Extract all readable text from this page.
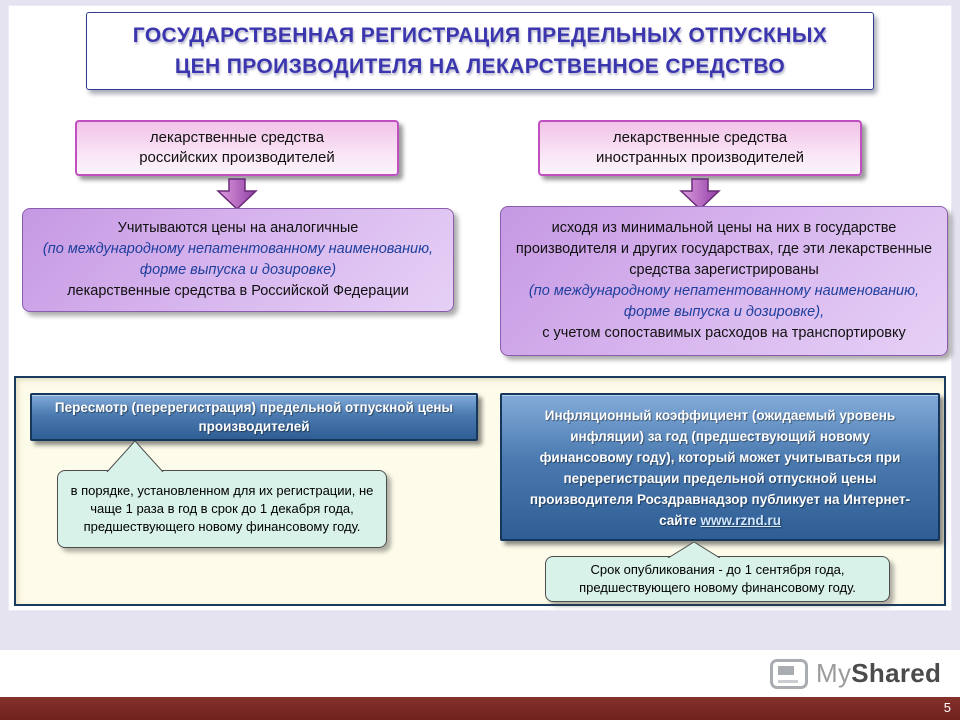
ГОСУДАРСТВЕННАЯ РЕГИСТРАЦИЯ ПРЕДЕЛЬНЫХ ОТПУСКНЫХ
ЦЕН ПРОИЗВОДИТЕЛЯ НА ЛЕКАРСТВЕННОЕ СРЕДСТВО
лекарственные средства
российских производителей
лекарственные средства
иностранных производителей
Учитываются цены на аналогичные
(по международному непатентованному наименованию, форме выпуска и дозировке)
лекарственные средства в Российской Федерации
исходя из минимальной цены на них в государстве производителя и других государствах, где эти лекарственные средства зарегистрированы
(по международному непатентованному наименованию, форме выпуска и дозировке),
с учетом сопоставимых расходов на транспортировку
Пересмотр (перерегистрация) предельной отпускной цены производителей
Инфляционный коэффициент (ожидаемый уровень инфляции) за год (предшествующий новому финансовому году), который может учитываться при перерегистрации предельной отпускной цены производителя Росздравнадзор публикует на Интернет-сайте www.rznd.ru
в порядке, установленном для их регистрации, не чаще 1 раза в год в срок до 1 декабря года, предшествующего новому финансовому году.
Срок опубликования - до 1 сентября года, предшествующего новому финансовому году.
MyShared
5
